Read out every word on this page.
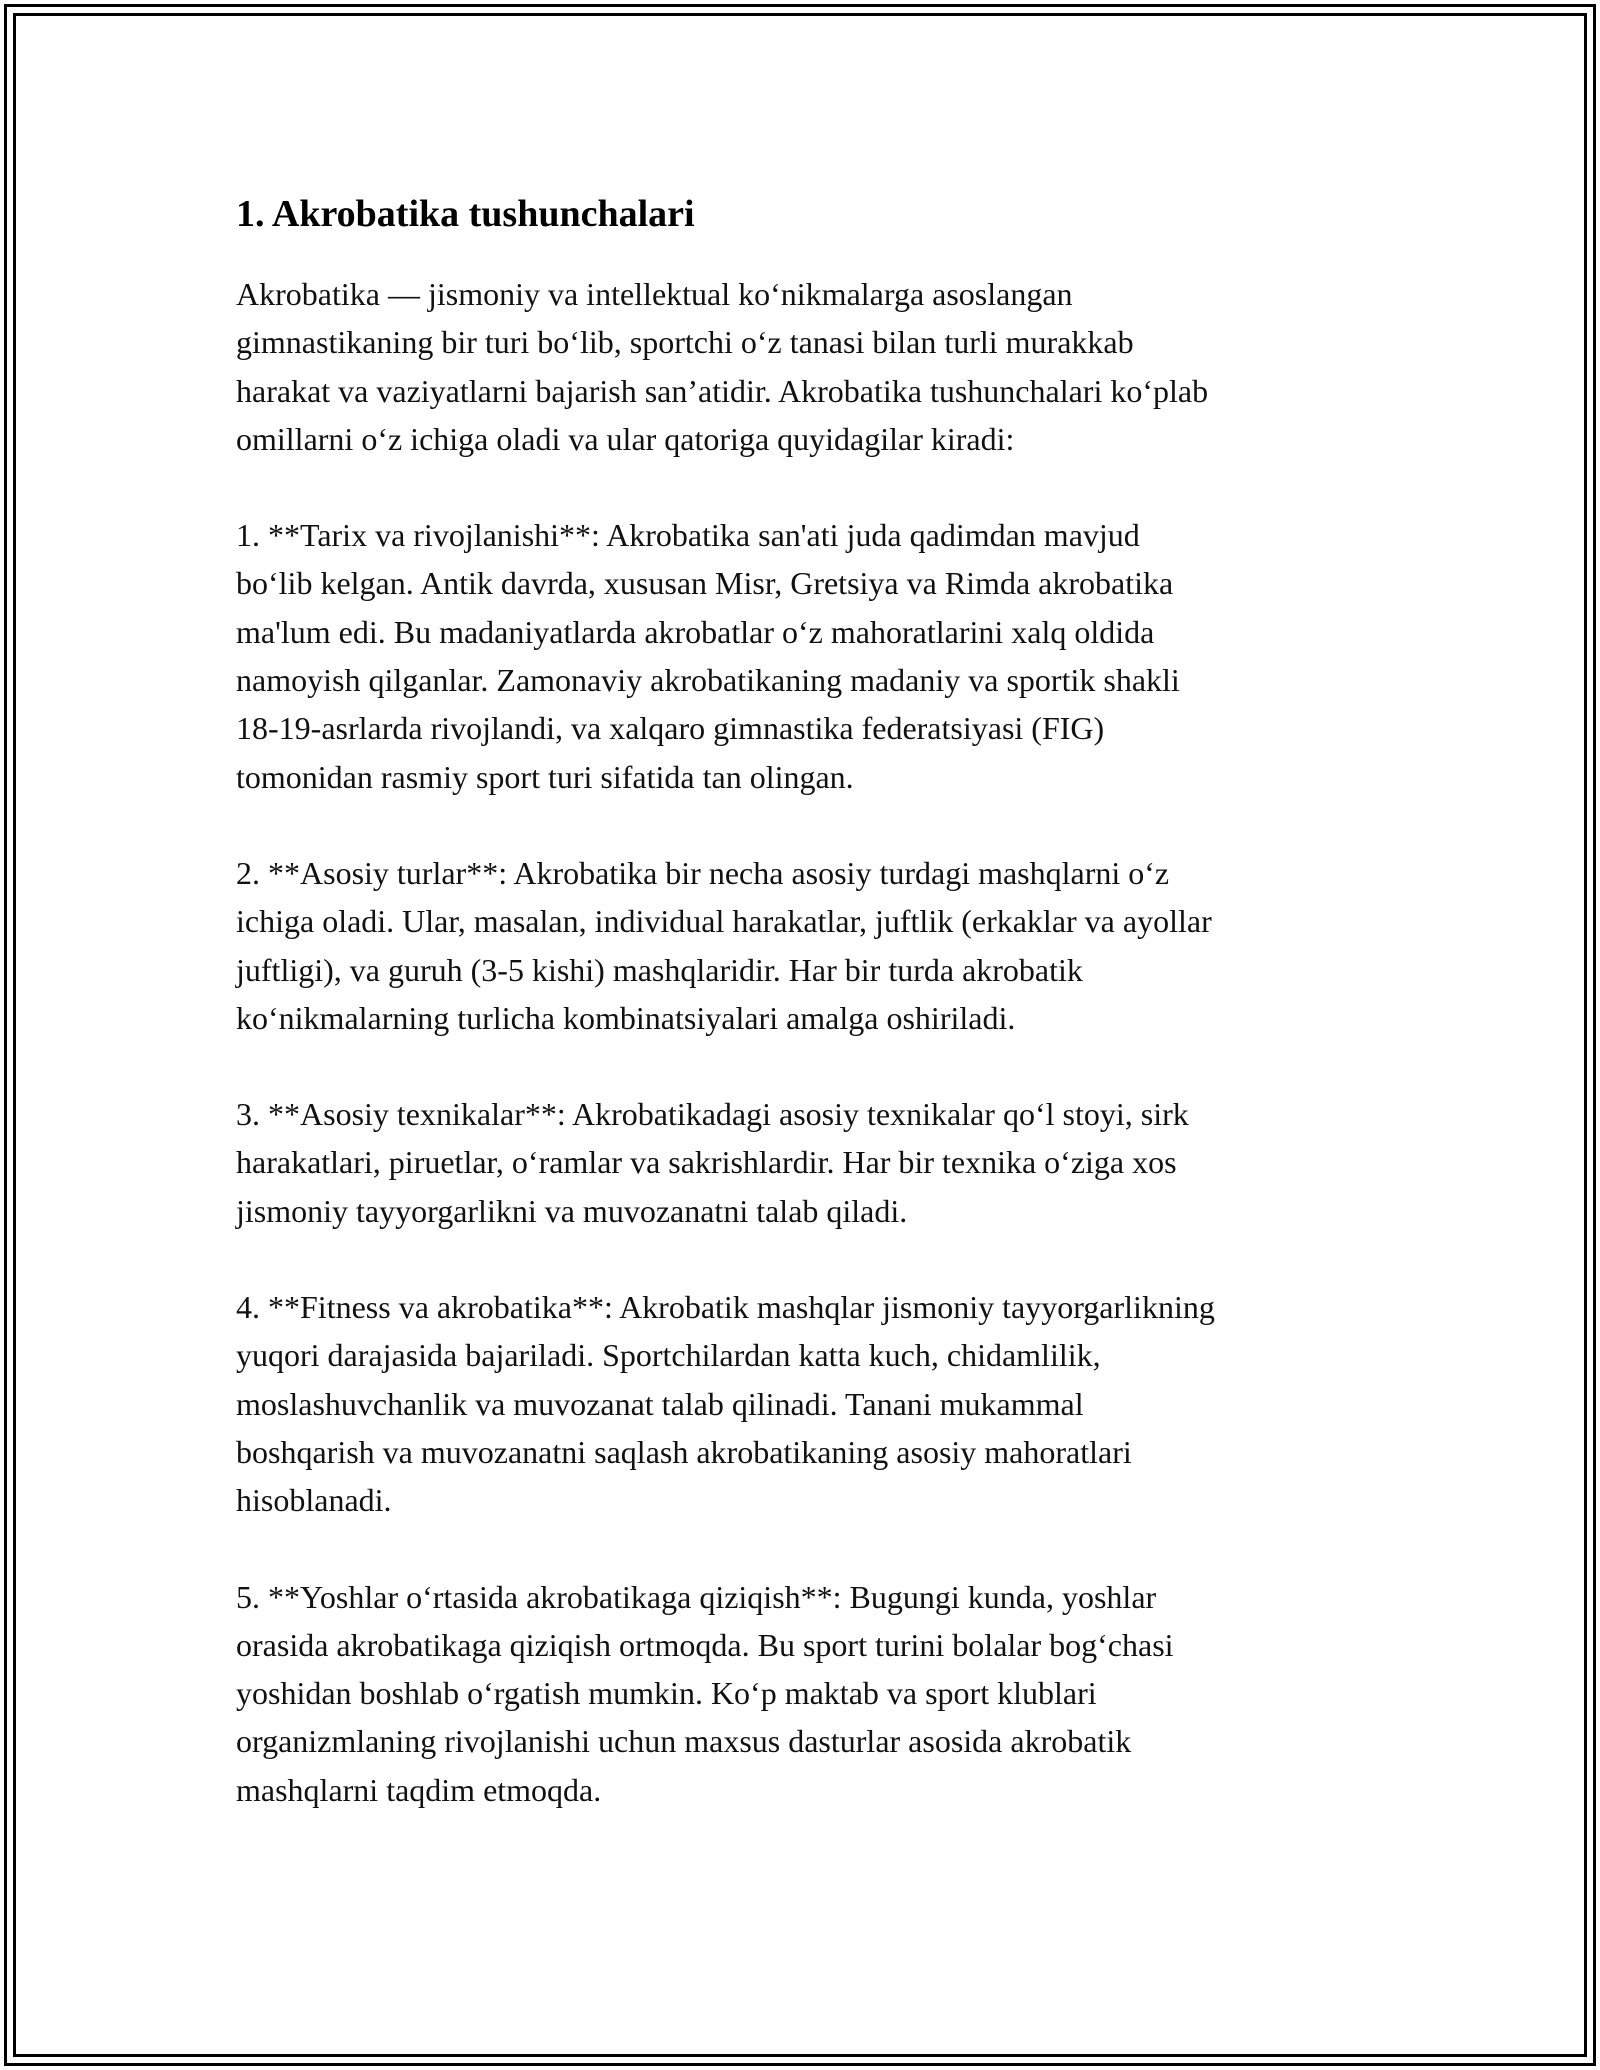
1. Akrobatika tushunchalari

Akrobatika — jismoniy va intellektual koʻnikmalarga asoslangan
gimnastikaning bir turi boʻlib, sportchi oʻz tanasi bilan turli murakkab
harakat va vaziyatlarni bajarish san’atidir. Akrobatika tushunchalari koʻplab
omillarni oʻz ichiga oladi va ular qatoriga quyidagilar kiradi:

1. **Tarix va rivojlanishi**: Akrobatika san'ati juda qadimdan mavjud
boʻlib kelgan. Antik davrda, xususan Misr, Gretsiya va Rimda akrobatika
ma'lum edi. Bu madaniyatlarda akrobatlar oʻz mahoratlarini xalq oldida
namoyish qilganlar. Zamonaviy akrobatikaning madaniy va sportik shakli
18-19-asrlarda rivojlandi, va xalqaro gimnastika federatsiyasi (FIG)
tomonidan rasmiy sport turi sifatida tan olingan.

2. **Asosiy turlar**: Akrobatika bir necha asosiy turdagi mashqlarni oʻz
ichiga oladi. Ular, masalan, individual harakatlar, juftlik (erkaklar va ayollar
juftligi), va guruh (3-5 kishi) mashqlaridir. Har bir turda akrobatik
koʻnikmalarning turlicha kombinatsiyalari amalga oshiriladi.

3. **Asosiy texnikalar**: Akrobatikadagi asosiy texnikalar qoʻl stoyi, sirk
harakatlari, piruetlar, oʻramlar va sakrishlardir. Har bir texnika oʻziga xos
jismoniy tayyorgarlikni va muvozanatni talab qiladi.

4. **Fitness va akrobatika**: Akrobatik mashqlar jismoniy tayyorgarlikning
yuqori darajasida bajariladi. Sportchilardan katta kuch, chidamlilik,
moslashuvchanlik va muvozanat talab qilinadi. Tanani mukammal
boshqarish va muvozanatni saqlash akrobatikaning asosiy mahoratlari
hisoblanadi.

5. **Yoshlar oʻrtasida akrobatikaga qiziqish**: Bugungi kunda, yoshlar
orasida akrobatikaga qiziqish ortmoqda. Bu sport turini bolalar bogʻchasi
yoshidan boshlab oʻrgatish mumkin. Koʻp maktab va sport klublari
organizmlaning rivojlanishi uchun maxsus dasturlar asosida akrobatik
mashqlarni taqdim etmoqda.
